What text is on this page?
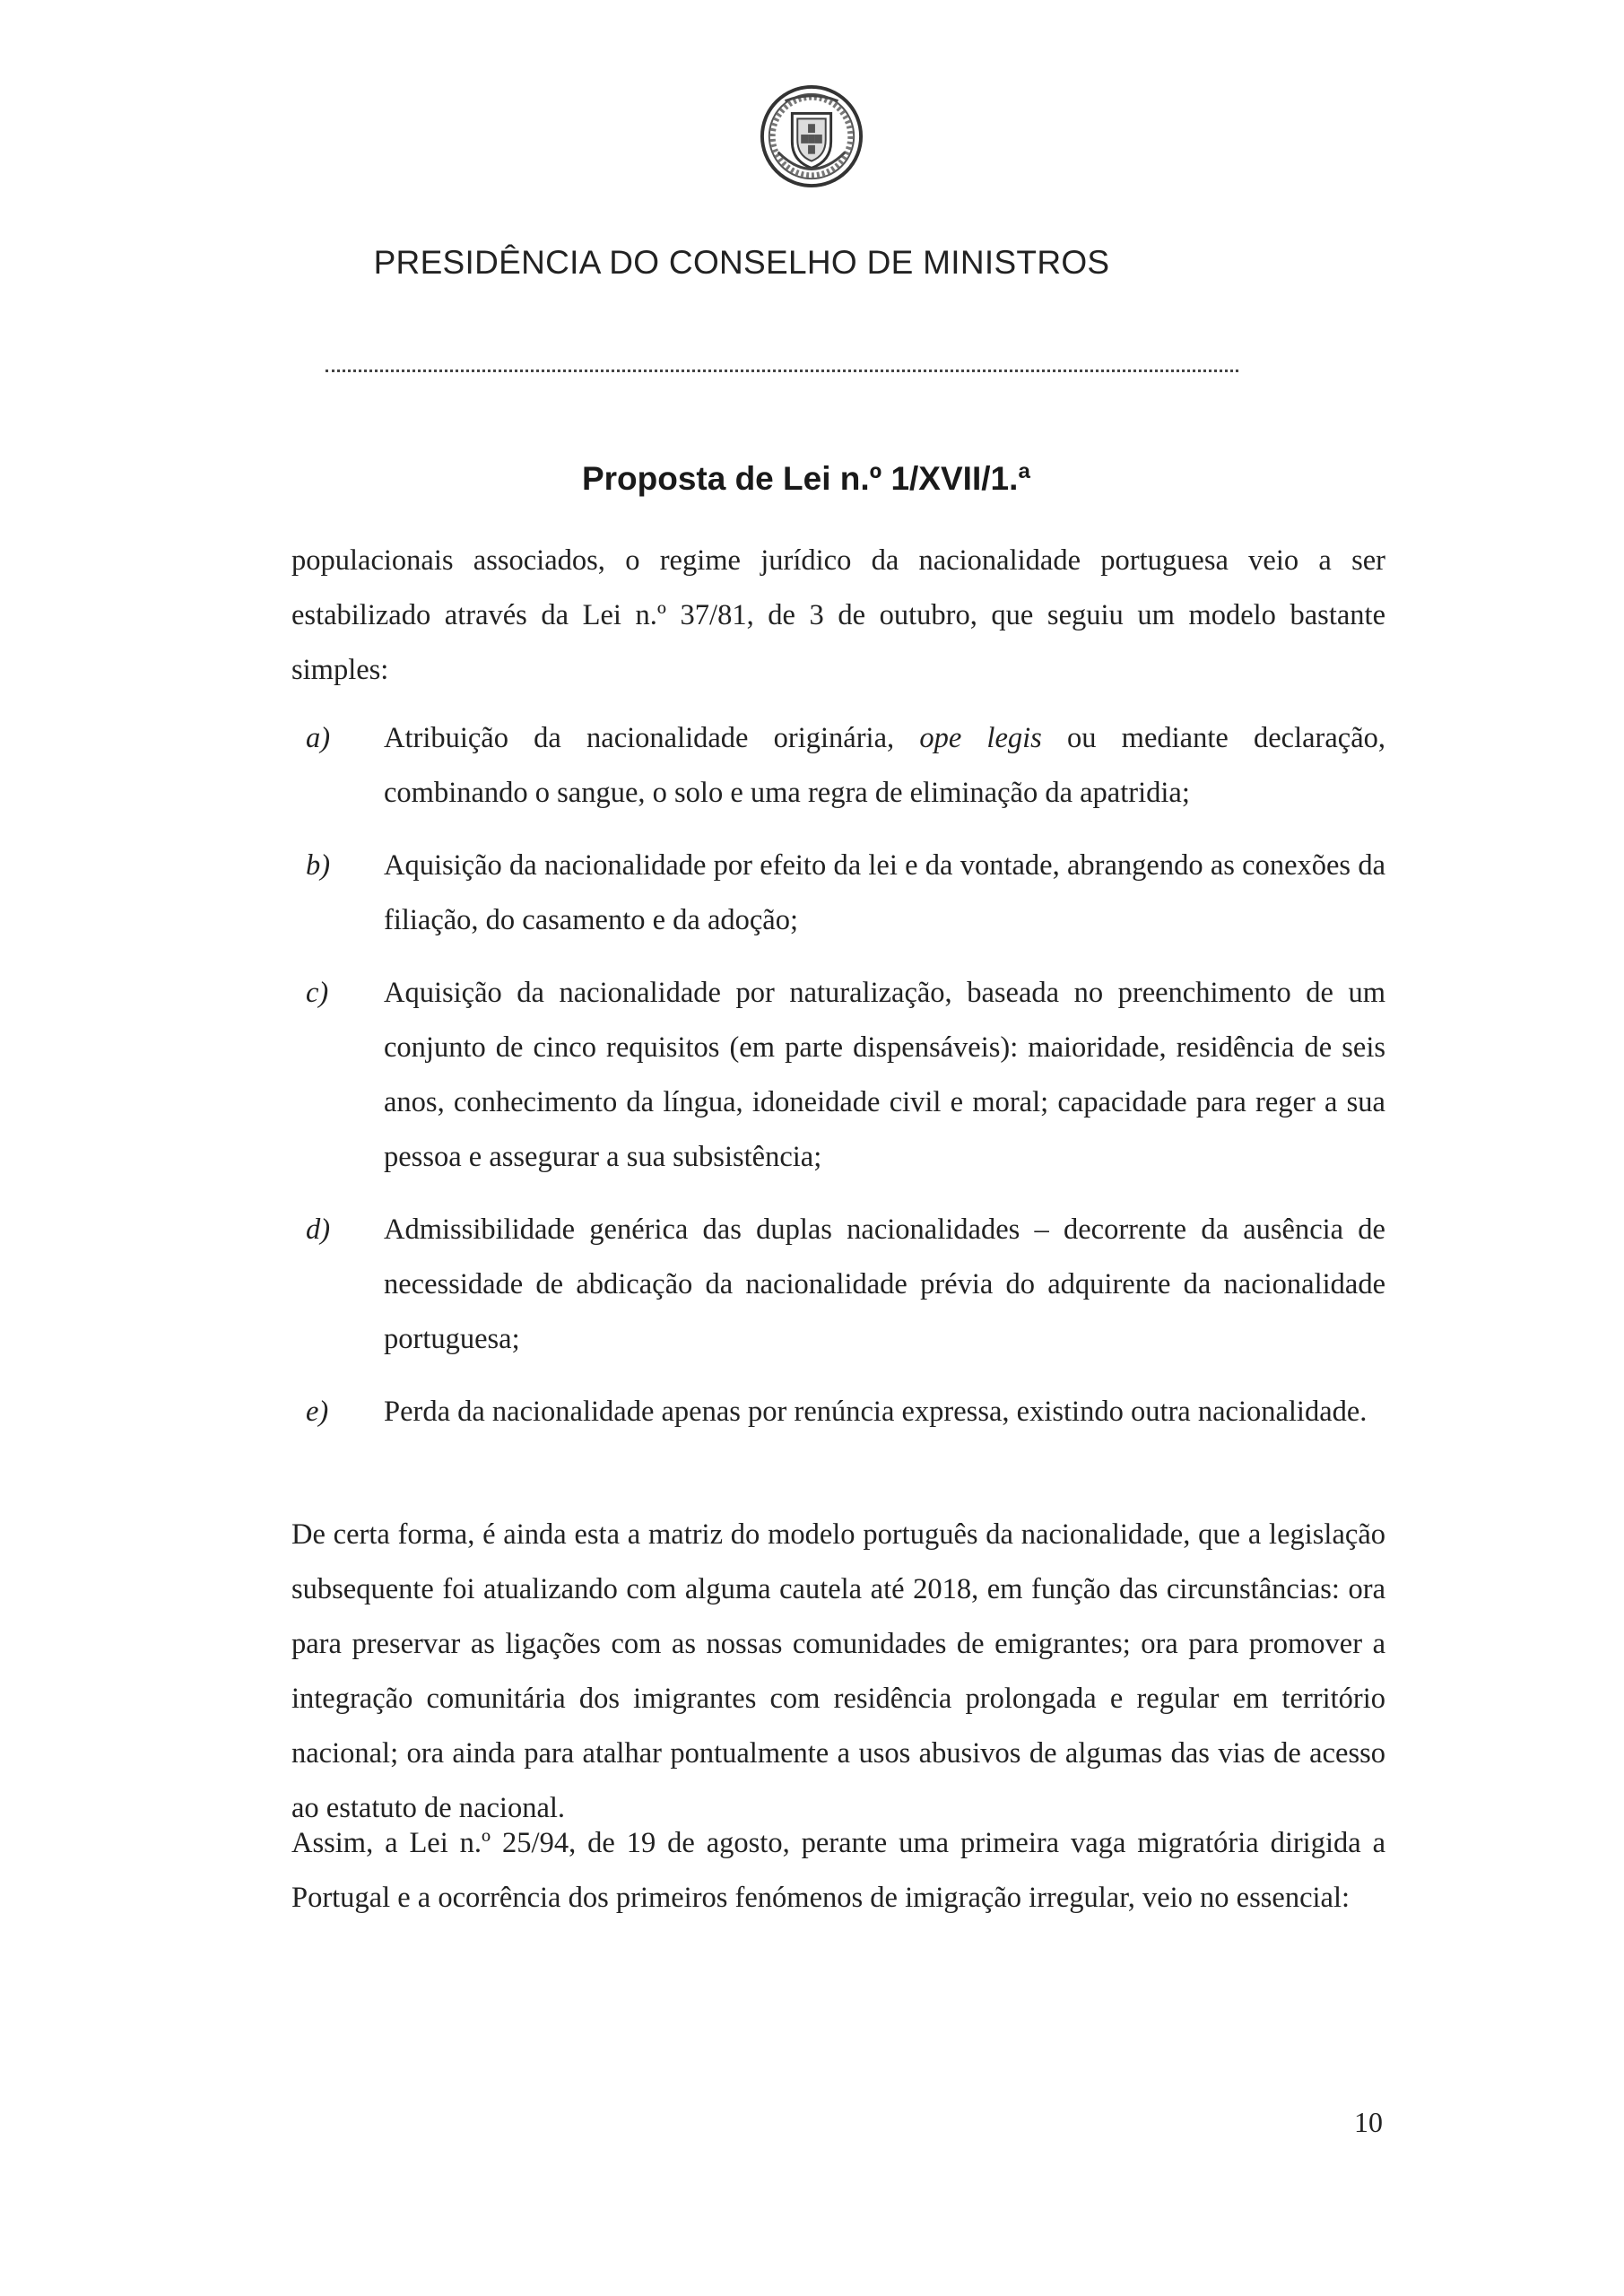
PRESIDÊNCIA DO CONSELHO DE MINISTROS
Proposta de Lei n.º 1/XVII/1.ª

populacionais associados, o regime jurídico da nacionalidade portuguesa veio a ser estabilizado através da Lei n.º 37/81, de 3 de outubro, que seguiu um modelo bastante simples:

a) Atribuição da nacionalidade originária, ope legis ou mediante declaração, combinando o sangue, o solo e uma regra de eliminação da apatridia;
b) Aquisição da nacionalidade por efeito da lei e da vontade, abrangendo as conexões da filiação, do casamento e da adoção;
c) Aquisição da nacionalidade por naturalização, baseada no preenchimento de um conjunto de cinco requisitos (em parte dispensáveis): maioridade, residência de seis anos, conhecimento da língua, idoneidade civil e moral; capacidade para reger a sua pessoa e assegurar a sua subsistência;
d) Admissibilidade genérica das duplas nacionalidades – decorrente da ausência de necessidade de abdicação da nacionalidade prévia do adquirente da nacionalidade portuguesa;
e) Perda da nacionalidade apenas por renúncia expressa, existindo outra nacionalidade.

De certa forma, é ainda esta a matriz do modelo português da nacionalidade, que a legislação subsequente foi atualizando com alguma cautela até 2018, em função das circunstâncias: ora para preservar as ligações com as nossas comunidades de emigrantes; ora para promover a integração comunitária dos imigrantes com residência prolongada e regular em território nacional; ora ainda para atalhar pontualmente a usos abusivos de algumas das vias de acesso ao estatuto de nacional.

Assim, a Lei n.º 25/94, de 19 de agosto, perante uma primeira vaga migratória dirigida a Portugal e a ocorrência dos primeiros fenómenos de imigração irregular, veio no essencial:

10
